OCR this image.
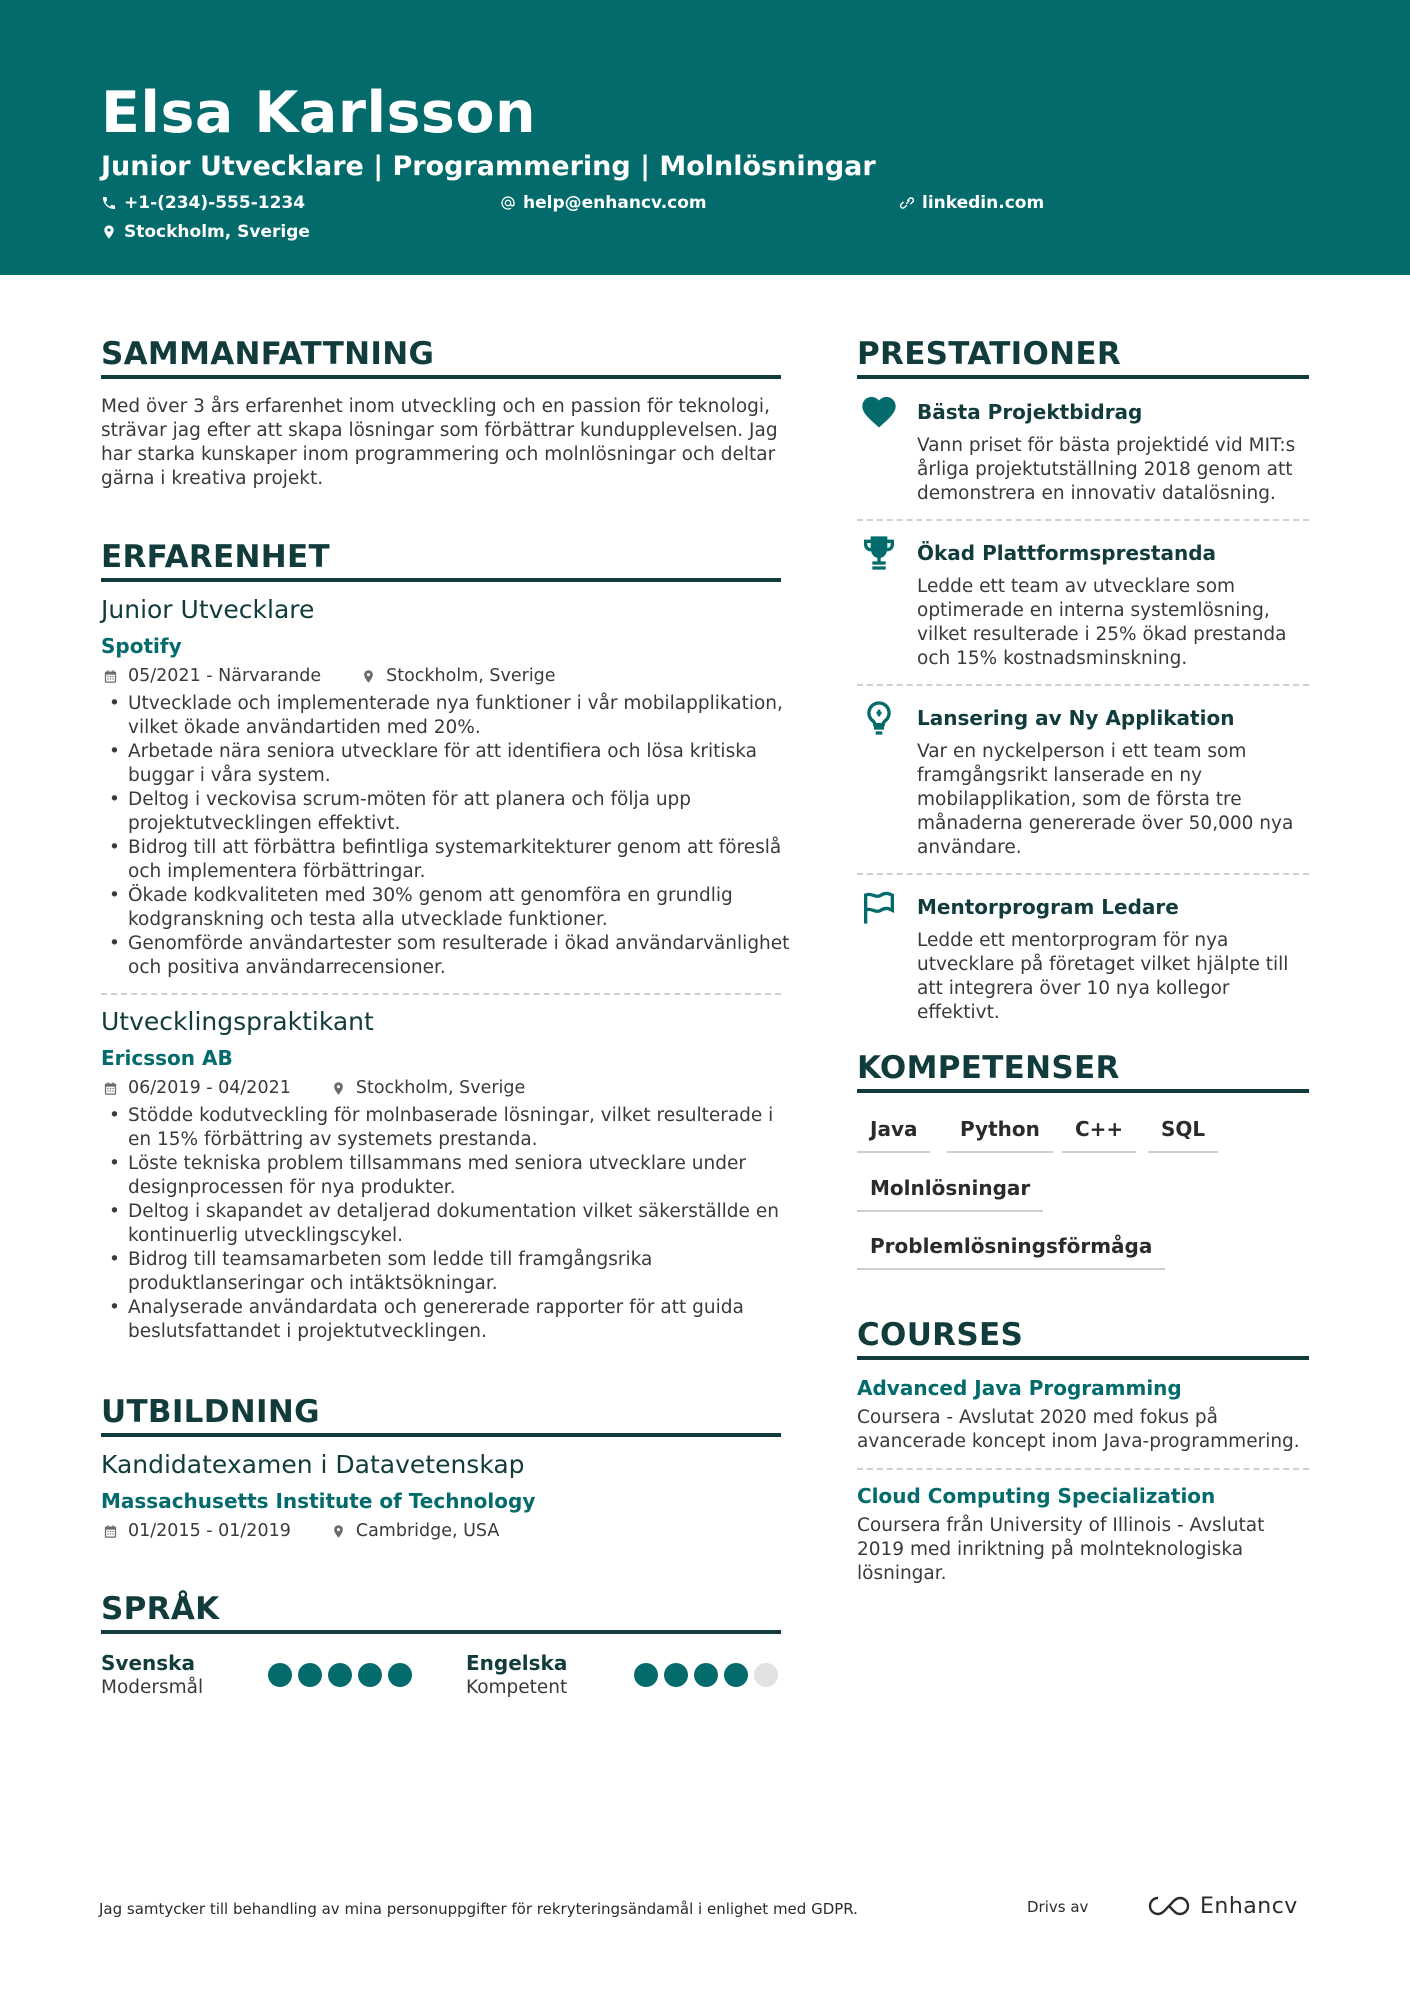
Elsa Karlsson
Junior Utvecklare | Programmering | Molnlösningar
+1-(234)-555-1234	help@enhancv.com	linkedin.com
Stockholm, Sverige
SAMMANFATTNING
Med över 3 års erfarenhet inom utveckling och en passion för teknologi,
strävar jag efter att skapa lösningar som förbättrar kundupplevelsen. Jag
har starka kunskaper inom programmering och molnlösningar och deltar
gärna i kreativa projekt.
ERFARENHET
Junior Utvecklare
Spotify
05/2021 - Närvarande	Stockholm, Sverige
• Utvecklade och implementerade nya funktioner i vår mobilapplikation,
vilket ökade användartiden med 20%.
• Arbetade nära seniora utvecklare för att identifiera och lösa kritiska
buggar i våra system.
• Deltog i veckovisa scrum-möten för att planera och följa upp
projektutvecklingen effektivt.
• Bidrog till att förbättra befintliga systemarkitekturer genom att föreslå
och implementera förbättringar.
• Ökade kodkvaliteten med 30% genom att genomföra en grundlig
kodgranskning och testa alla utvecklade funktioner.
• Genomförde användartester som resulterade i ökad användarvänlighet
och positiva användarrecensioner.
Utvecklingspraktikant
Ericsson AB
06/2019 - 04/2021	Stockholm, Sverige
• Stödde kodutveckling för molnbaserade lösningar, vilket resulterade i
en 15% förbättring av systemets prestanda.
• Löste tekniska problem tillsammans med seniora utvecklare under
designprocessen för nya produkter.
• Deltog i skapandet av detaljerad dokumentation vilket säkerställde en
kontinuerlig utvecklingscykel.
• Bidrog till teamsamarbeten som ledde till framgångsrika
produktlanseringar och intäktsökningar.
• Analyserade användardata och genererade rapporter för att guida
beslutsfattandet i projektutvecklingen.
UTBILDNING
Kandidatexamen i Datavetenskap
Massachusetts Institute of Technology
01/2015 - 01/2019	Cambridge, USA
SPRÅK
Svenska
Modersmål
Engelska
Kompetent
PRESTATIONER
Bästa Projektbidrag
Vann priset för bästa projektidé vid MIT:s
årliga projektutställning 2018 genom att
demonstrera en innovativ datalösning.
Ökad Plattformsprestanda
Ledde ett team av utvecklare som
optimerade en interna systemlösning,
vilket resulterade i 25% ökad prestanda
och 15% kostnadsminskning.
Lansering av Ny Applikation
Var en nyckelperson i ett team som
framgångsrikt lanserade en ny
mobilapplikation, som de första tre
månaderna genererade över 50,000 nya
användare.
Mentorprogram Ledare
Ledde ett mentorprogram för nya
utvecklare på företaget vilket hjälpte till
att integrera över 10 nya kollegor effektivt.
KOMPETENSER
Java	Python	C++	SQL
Molnlösningar
Problemlösningsförmåga
COURSES
Advanced Java Programming
Coursera - Avslutat 2020 med fokus på
avancerade koncept inom Java-programmering.
Cloud Computing Specialization
Coursera från University of Illinois - Avslutat
2019 med inriktning på molnteknologiska
lösningar.
Jag samtycker till behandling av mina personuppgifter för rekryteringsändamål i enlighet med GDPR.	Drivs av	Enhancv
